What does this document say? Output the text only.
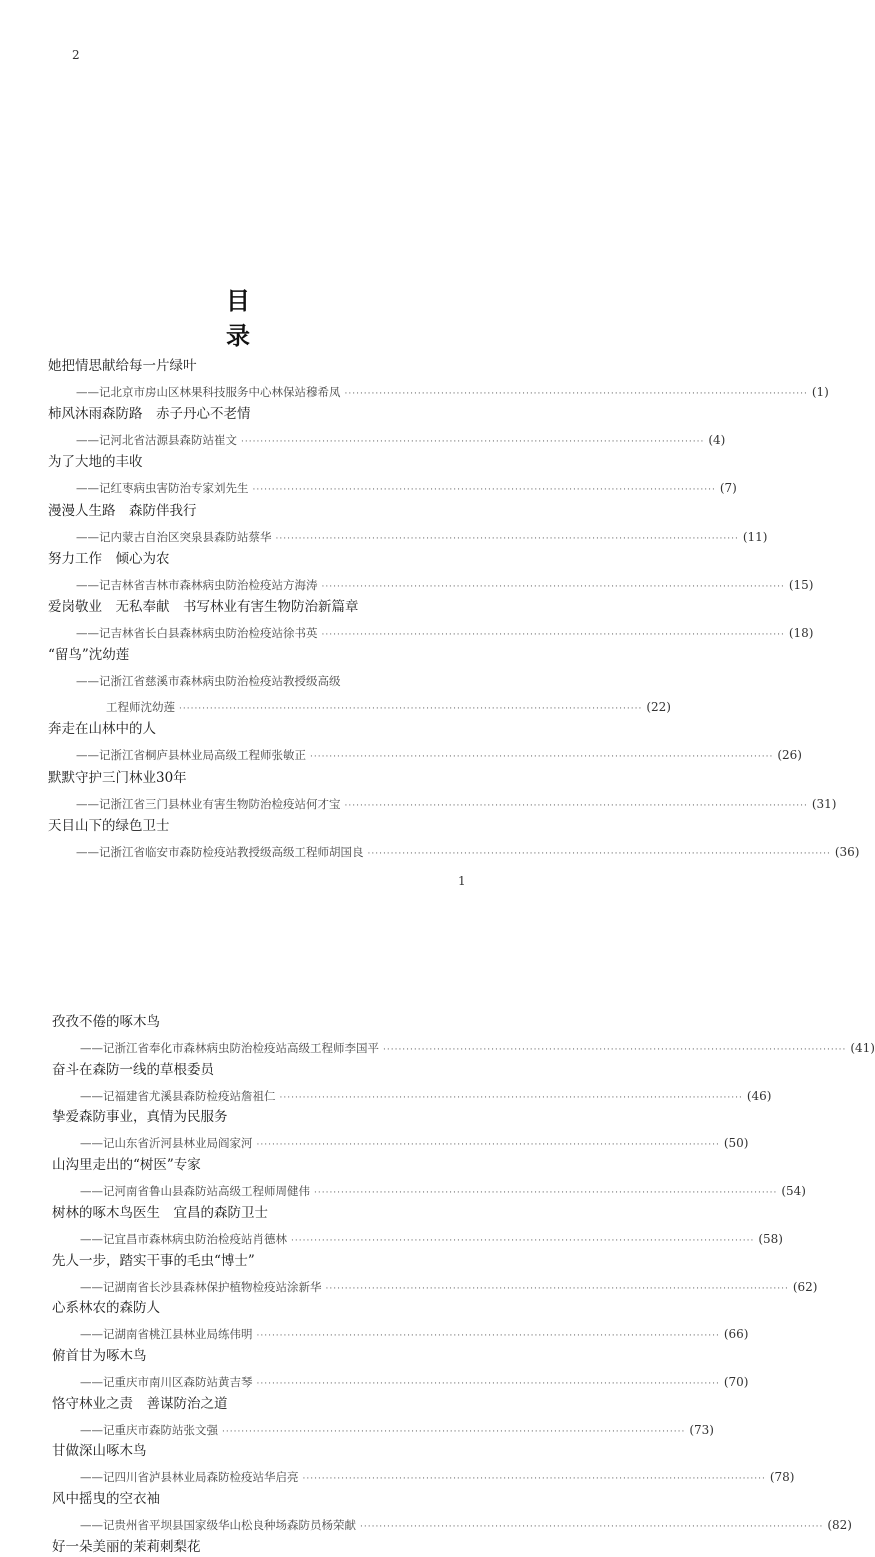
2
目 录
她把情思献给每一片绿叶
——记北京市房山区林果科技服务中心林保站穆希凤 ························································································································ (1)
柿风沐雨森防路　赤子丹心不老情
——记河北省沽源县森防站崔文 ························································································································ (4)
为了大地的丰收
——记红枣病虫害防治专家刘先生 ························································································································ (7)
漫漫人生路　森防伴我行
——记内蒙古自治区突泉县森防站蔡华 ························································································································ (11)
努力工作　倾心为农
——记吉林省吉林市森林病虫防治检疫站方海涛 ························································································································ (15)
爱岗敬业　无私奉献　书写林业有害生物防治新篇章
——记吉林省长白县森林病虫防治检疫站徐书英 ························································································································ (18)
“留鸟”沈幼莲
——记浙江省慈溪市森林病虫防治检疫站教授级高级
工程师沈幼莲 ························································································································ (22)
奔走在山林中的人
——记浙江省桐庐县林业局高级工程师张敏正 ························································································································ (26)
默默守护三门林业30年
——记浙江省三门县林业有害生物防治检疫站何才宝 ························································································································ (31)
天目山下的绿色卫士
——记浙江省临安市森防检疫站教授级高级工程师胡国良 ························································································································ (36)
1
孜孜不倦的啄木鸟
——记浙江省奉化市森林病虫防治检疫站高级工程师李国平 ························································································································ (41)
奋斗在森防一线的草根委员
——记福建省尤溪县森防检疫站詹祖仁 ························································································································ (46)
挚爱森防事业，真情为民服务
——记山东省沂河县林业局阎家河 ························································································································ (50)
山沟里走出的“树医”专家
——记河南省鲁山县森防站高级工程师周健伟 ························································································································ (54)
树林的啄木鸟医生　宜昌的森防卫士
——记宜昌市森林病虫防治检疫站肖德林 ························································································································ (58)
先人一步，踏实干事的毛虫“博士”
——记湖南省长沙县森林保护植物检疫站涂新华 ························································································································ (62)
心系林农的森防人
——记湖南省桃江县林业局练伟明 ························································································································ (66)
俯首甘为啄木鸟
——记重庆市南川区森防站黄吉琴 ························································································································ (70)
恪守林业之责　善谋防治之道
——记重庆市森防站张文强 ························································································································ (73)
甘做深山啄木鸟
——记四川省泸县林业局森防检疫站华启亮 ························································································································ (78)
风中摇曳的空衣袖
——记贵州省平坝县国家级华山松良种场森防员杨荣献 ························································································································ (82)
好一朵美丽的茉莉刺梨花
